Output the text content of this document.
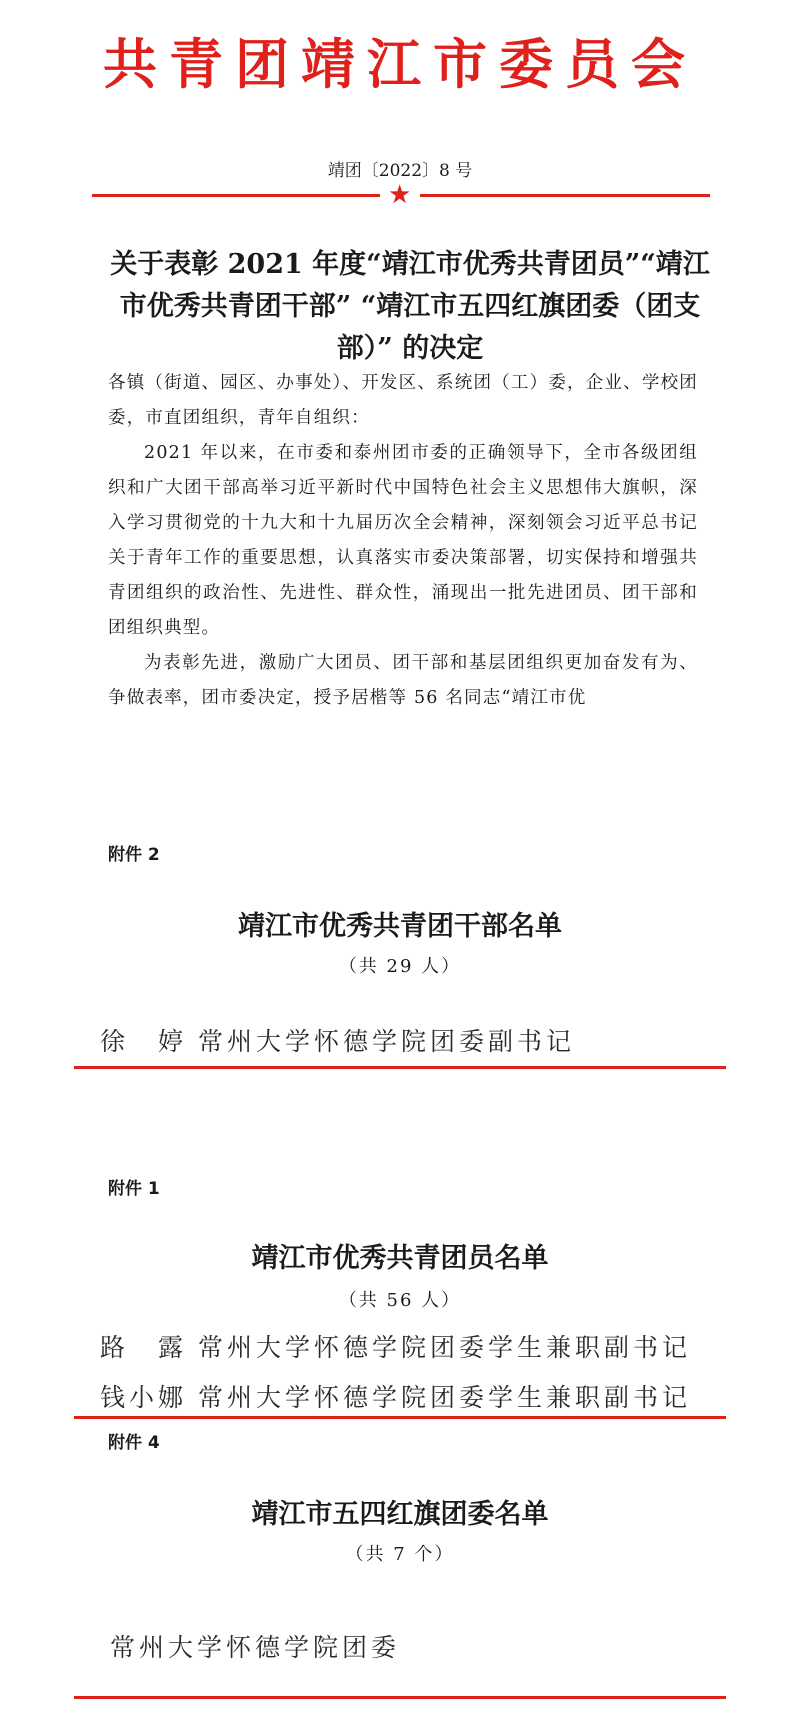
共青团靖江市委员会
靖团〔2022〕8 号
★
关于表彰 2021 年度“靖江市优秀共青团员”“靖江市优秀共青团干部” “靖江市五四红旗团委（团支部）” 的决定
各镇（街道、园区、办事处）、开发区、系统团（工）委，企业、学校团委，市直团组织，青年自组织：
2021 年以来，在市委和泰州团市委的正确领导下，全市各级团组织和广大团干部高举习近平新时代中国特色社会主义思想伟大旗帜，深入学习贯彻党的十九大和十九届历次全会精神，深刻领会习近平总书记关于青年工作的重要思想，认真落实市委决策部署，切实保持和增强共青团组织的政治性、先进性、群众性，涌现出一批先进团员、团干部和团组织典型。
为表彰先进，激励广大团员、团干部和基层团组织更加奋发有为、争做表率，团市委决定，授予居楷等 56 名同志“靖江市优
附件 2
靖江市优秀共青团干部名单
（共 29 人）
徐　婷 常州大学怀德学院团委副书记
附件 1
靖江市优秀共青团员名单
（共 56 人）
路　露 常州大学怀德学院团委学生兼职副书记
钱小娜 常州大学怀德学院团委学生兼职副书记
附件 4
靖江市五四红旗团委名单
（共 7 个）
常州大学怀德学院团委
